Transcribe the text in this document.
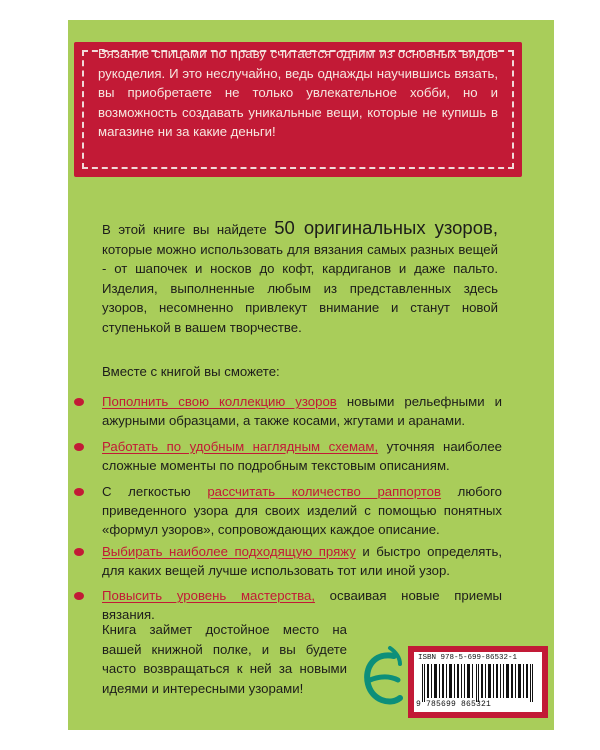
Вязание спицами по праву считается одним из основных видов рукоделия. И это неслучайно, ведь однажды научившись вязать, вы приобретаете не только увлекательное хобби, но и возможность создавать уникальные вещи, которые не купишь в магазине ни за какие деньги!
В этой книге вы найдете 50 оригинальных узоров, которые можно использовать для вязания самых разных вещей - от шапочек и носков до кофт, кардиганов и даже пальто. Изделия, выполненные любым из представленных здесь узоров, несомненно привлекут внимание и станут новой ступенькой в вашем творчестве.
Вместе с книгой вы сможете:
Пополнить свою коллекцию узоров новыми рельефными и ажурными образцами, а также косами, жгутами и аранами.
Работать по удобным наглядным схемам, уточняя наиболее сложные моменты по подробным текстовым описаниям.
С легкостью рассчитать количество раппортов любого приведенного узора для своих изделий с помощью понятных «формул узоров», сопровождающих каждое описание.
Выбирать наиболее подходящую пряжу и быстро определять, для каких вещей лучше использовать тот или иной узор.
Повысить уровень мастерства, осваивая новые приемы вязания.
Книга займет достойное место на вашей книжной полке, и вы будете часто возвращаться к ней за новыми идеями и интересными узорами!
ISBN 978-5-699-86532-1
9 785699 865321
